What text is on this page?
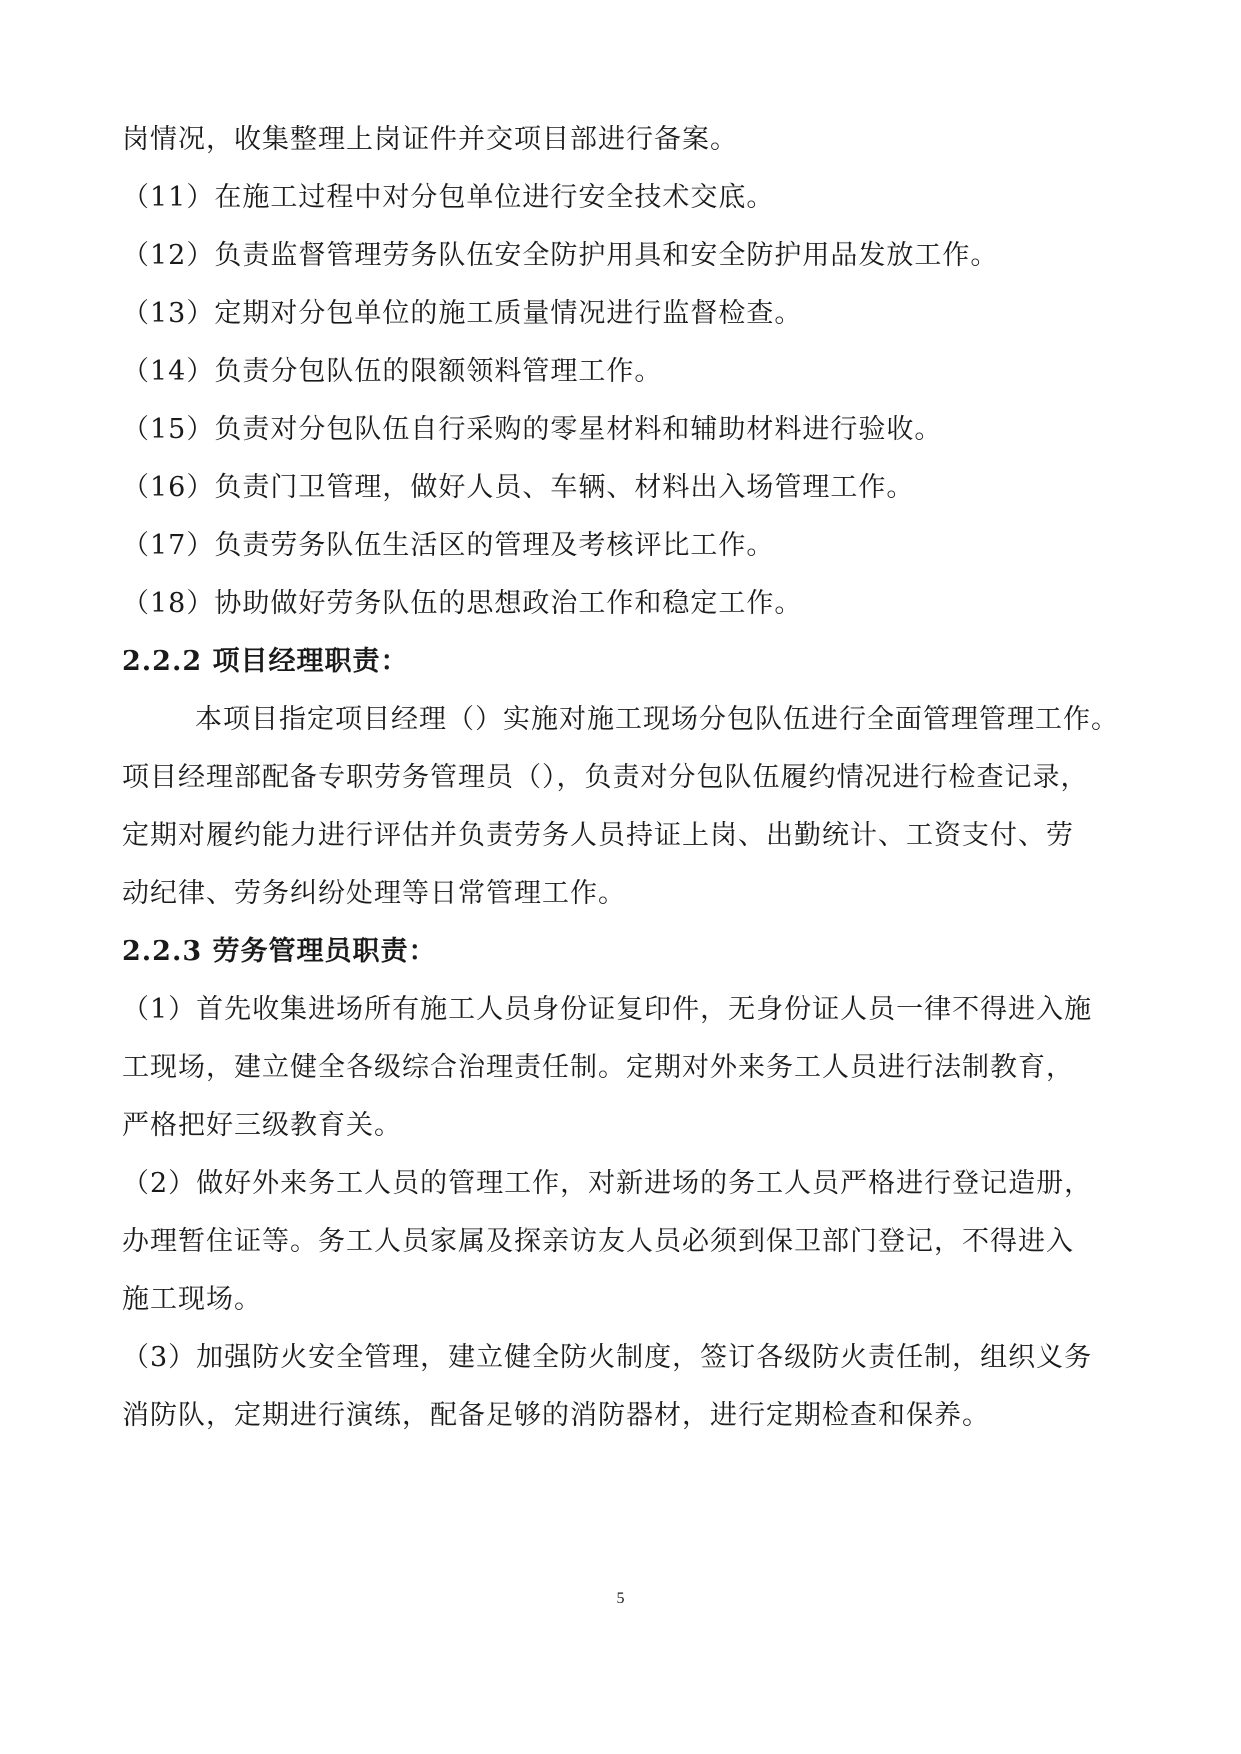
岗情况，收集整理上岗证件并交项目部进行备案。
（11）在施工过程中对分包单位进行安全技术交底。
（12）负责监督管理劳务队伍安全防护用具和安全防护用品发放工作。
（13）定期对分包单位的施工质量情况进行监督检查。
（14）负责分包队伍的限额领料管理工作。
（15）负责对分包队伍自行采购的零星材料和辅助材料进行验收。
（16）负责门卫管理，做好人员、车辆、材料出入场管理工作。
（17）负责劳务队伍生活区的管理及考核评比工作。
（18）协助做好劳务队伍的思想政治工作和稳定工作。
2.2.2 项目经理职责：
本项目指定项目经理（）实施对施工现场分包队伍进行全面管理管理工作。
项目经理部配备专职劳务管理员（），负责对分包队伍履约情况进行检查记录，
定期对履约能力进行评估并负责劳务人员持证上岗、出勤统计、工资支付、劳
动纪律、劳务纠纷处理等日常管理工作。
2.2.3 劳务管理员职责：
（1）首先收集进场所有施工人员身份证复印件，无身份证人员一律不得进入施
工现场，建立健全各级综合治理责任制。定期对外来务工人员进行法制教育，
严格把好三级教育关。
（2）做好外来务工人员的管理工作，对新进场的务工人员严格进行登记造册，
办理暂住证等。务工人员家属及探亲访友人员必须到保卫部门登记，不得进入
施工现场。
（3）加强防火安全管理，建立健全防火制度，签订各级防火责任制，组织义务
消防队，定期进行演练，配备足够的消防器材，进行定期检查和保养。
5
